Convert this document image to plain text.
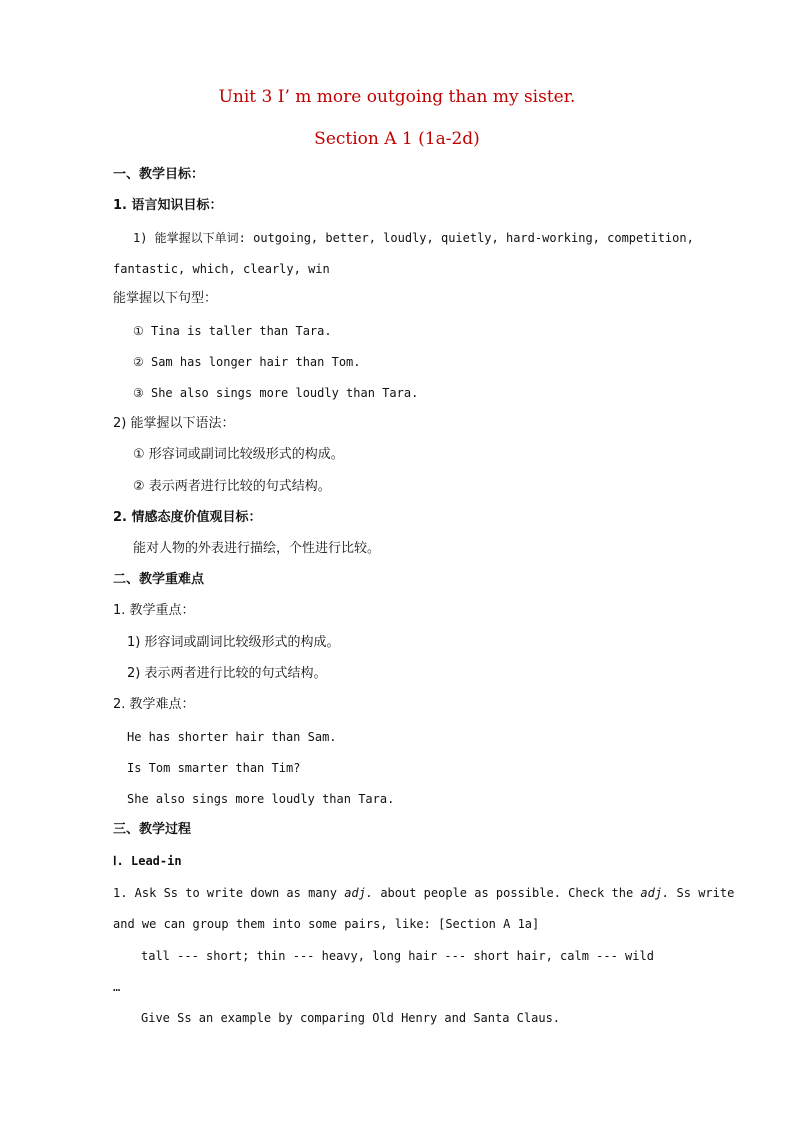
Unit 3 I’ m more outgoing than my sister.
Section A 1 (1a-2d)
一、教学目标：
1. 语言知识目标：
1) 能掌握以下单词: outgoing, better, loudly, quietly, hard-working, competition,
fantastic, which, clearly, win
能掌握以下句型：
① Tina is taller than Tara.
② Sam has longer hair than Tom.
③ She also sings more loudly than Tara.
2) 能掌握以下语法：
① 形容词或副词比较级形式的构成。
② 表示两者进行比较的句式结构。
2. 情感态度价值观目标：
能对人物的外表进行描绘，个性进行比较。
二、教学重难点
1. 教学重点：
1) 形容词或副词比较级形式的构成。
2) 表示两者进行比较的句式结构。
2. 教学难点：
He has shorter hair than Sam.
Is Tom smarter than Tim?
She also sings more loudly than Tara.
三、教学过程
Ⅰ. Lead-in
1. Ask Ss to write down as many adj. about people as possible. Check the adj. Ss write
and we can group them into some pairs, like: [Section A 1a]
tall --- short; thin --- heavy, long hair --- short hair, calm --- wild
…
Give Ss an example by comparing Old Henry and Santa Claus.
